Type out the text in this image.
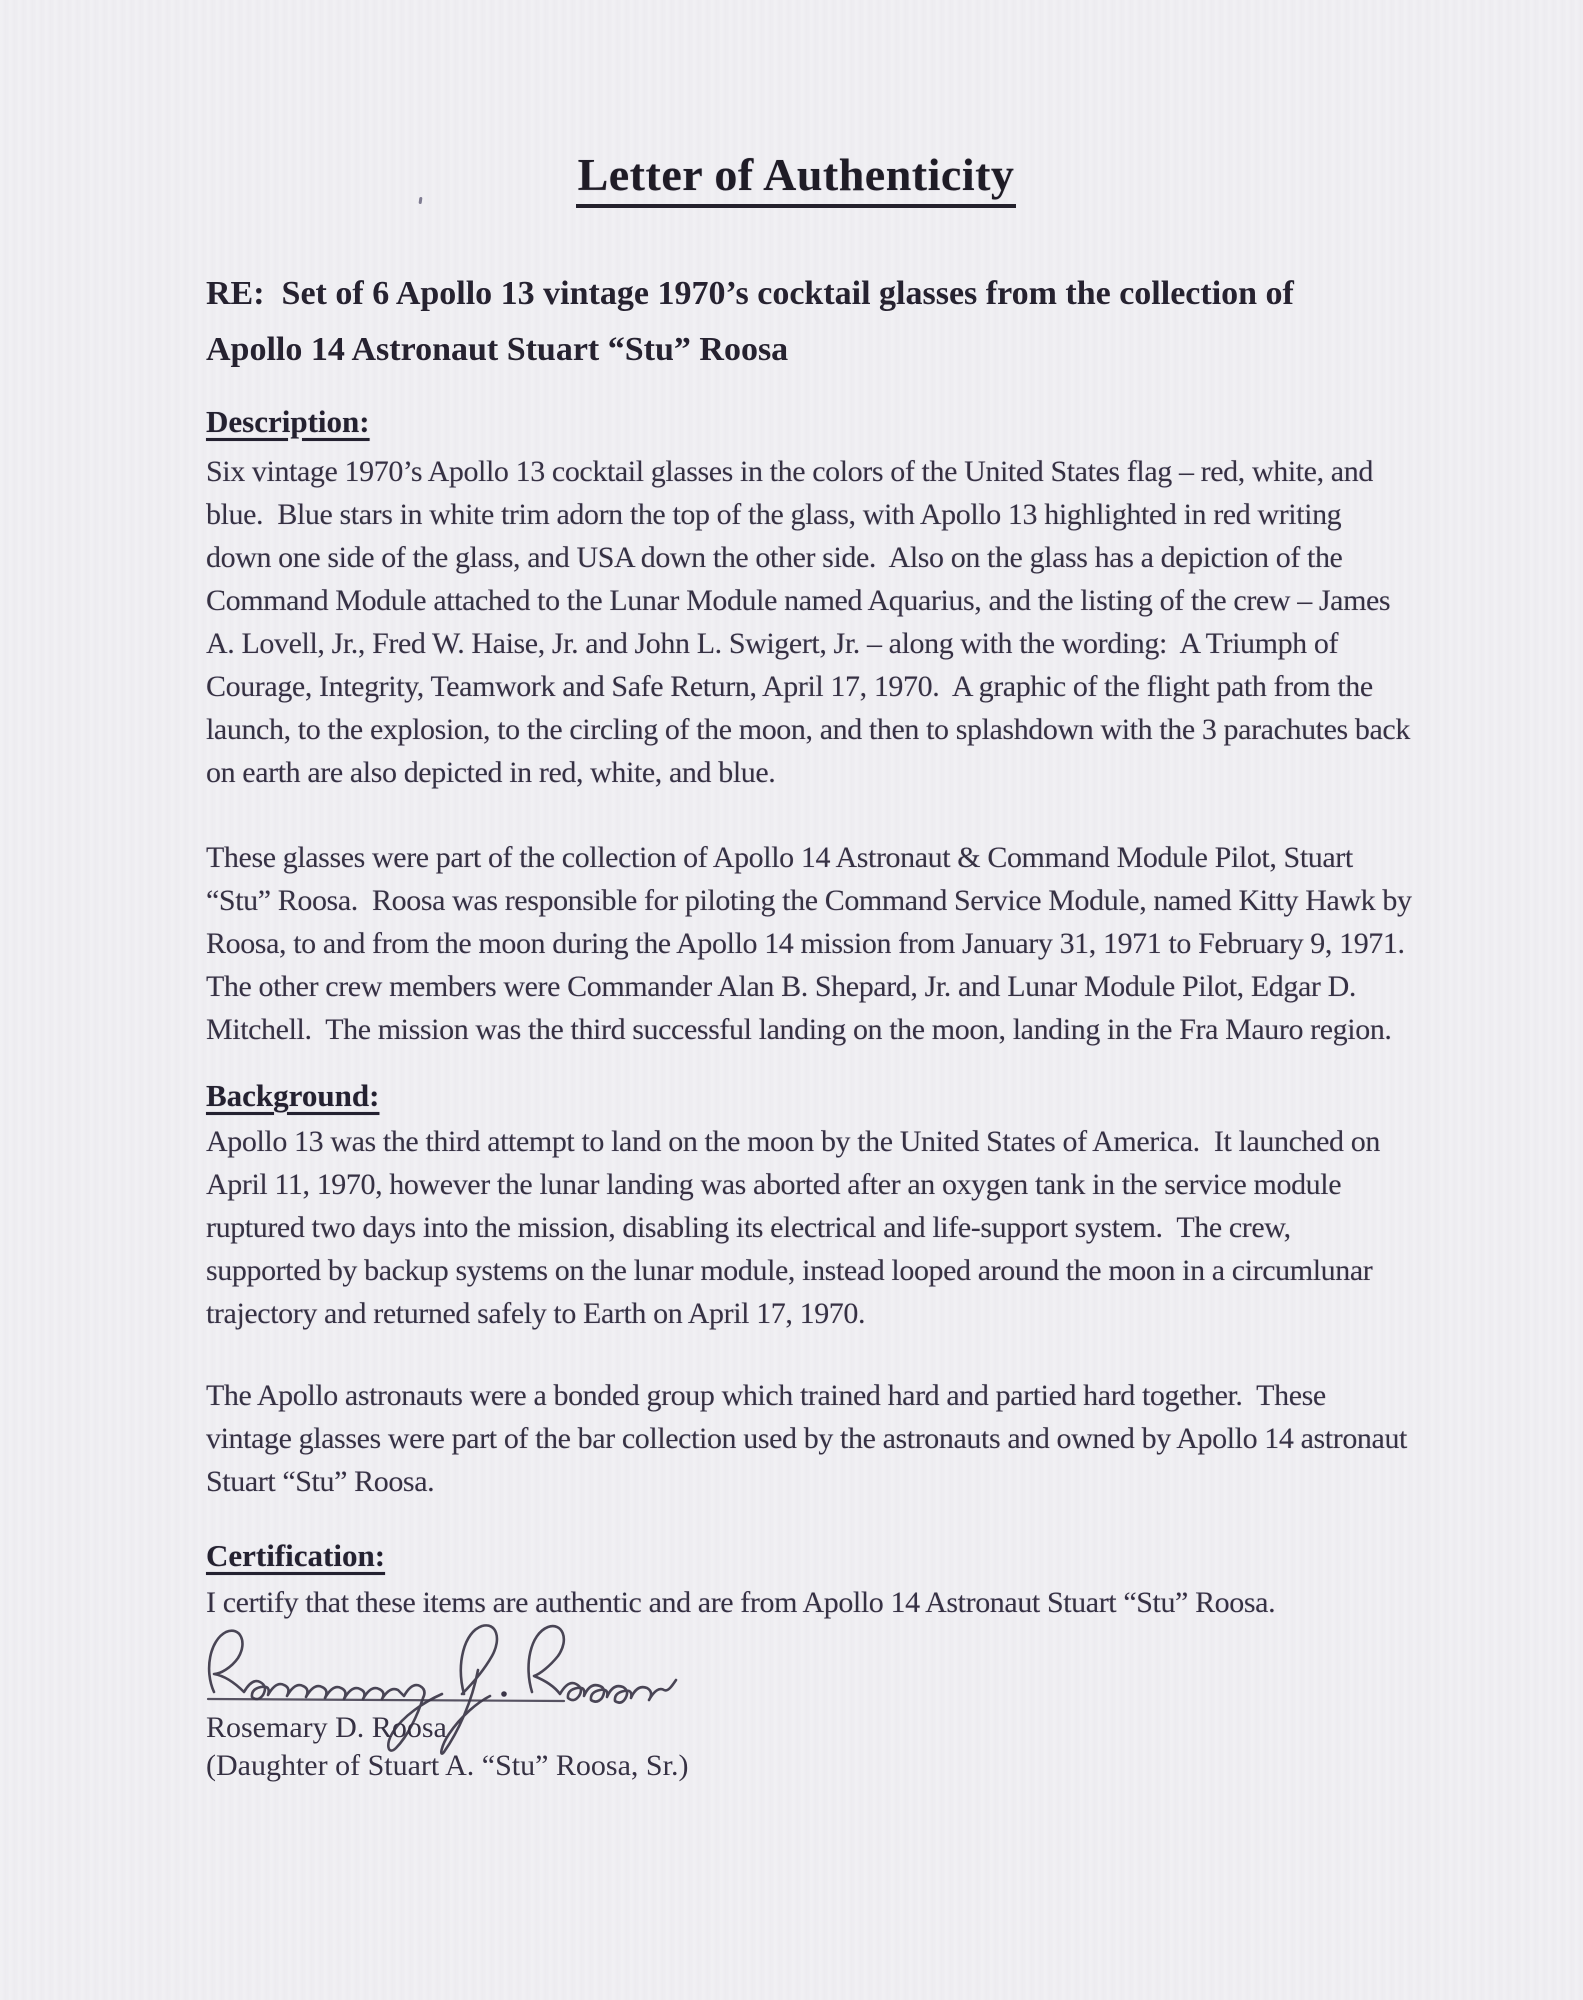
Letter of Authenticity
RE:  Set of 6 Apollo 13 vintage 1970’s cocktail glasses from the collection of
Apollo 14 Astronaut Stuart “Stu” Roosa
Description:
Six vintage 1970’s Apollo 13 cocktail glasses in the colors of the United States flag – red, white, and
blue.  Blue stars in white trim adorn the top of the glass, with Apollo 13 highlighted in red writing
down one side of the glass, and USA down the other side.  Also on the glass has a depiction of the
Command Module attached to the Lunar Module named Aquarius, and the listing of the crew – James
A. Lovell, Jr., Fred W. Haise, Jr. and John L. Swigert, Jr. – along with the wording:  A Triumph of
Courage, Integrity, Teamwork and Safe Return, April 17, 1970.  A graphic of the flight path from the
launch, to the explosion, to the circling of the moon, and then to splashdown with the 3 parachutes back
on earth are also depicted in red, white, and blue.
These glasses were part of the collection of Apollo 14 Astronaut & Command Module Pilot, Stuart
“Stu” Roosa.  Roosa was responsible for piloting the Command Service Module, named Kitty Hawk by
Roosa, to and from the moon during the Apollo 14 mission from January 31, 1971 to February 9, 1971.
The other crew members were Commander Alan B. Shepard, Jr. and Lunar Module Pilot, Edgar D.
Mitchell.  The mission was the third successful landing on the moon, landing in the Fra Mauro region.
Background:
Apollo 13 was the third attempt to land on the moon by the United States of America.  It launched on
April 11, 1970, however the lunar landing was aborted after an oxygen tank in the service module
ruptured two days into the mission, disabling its electrical and life-support system.  The crew,
supported by backup systems on the lunar module, instead looped around the moon in a circumlunar
trajectory and returned safely to Earth on April 17, 1970.
The Apollo astronauts were a bonded group which trained hard and partied hard together.  These
vintage glasses were part of the bar collection used by the astronauts and owned by Apollo 14 astronaut
Stuart “Stu” Roosa.
Certification:
I certify that these items are authentic and are from Apollo 14 Astronaut Stuart “Stu” Roosa.
Rosemary D. Roosa
(Daughter of Stuart A. “Stu” Roosa, Sr.)
